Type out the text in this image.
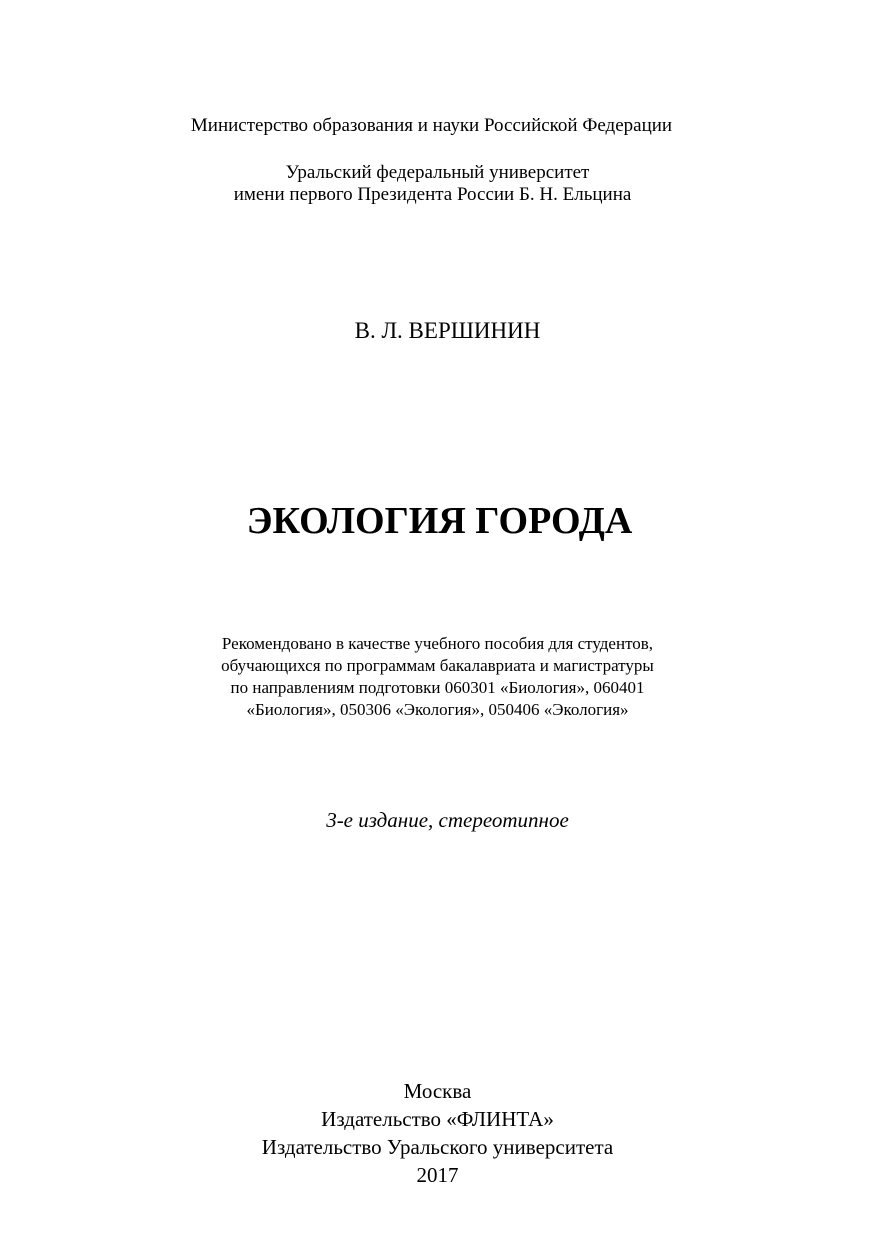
Министерство образования и науки Российской Федерации

Уральский федеральный университет

имени первого Президента России Б. Н. Ельцина

В. Л. ВЕРШИНИН

ЭКОЛОГИЯ ГОРОДА
Рекомендовано в качестве учебного пособия для студентов,
обучающихся по программам бакалавриата и магистратуры
по направлениям подготовки 060301 «Биология», 060401
«Биология», 050306 «Экология», 050406 «Экология»

3-е издание, стереотипное

Москва
Издательство «ФЛИНТА»
Издательство Уральского университета
2017
